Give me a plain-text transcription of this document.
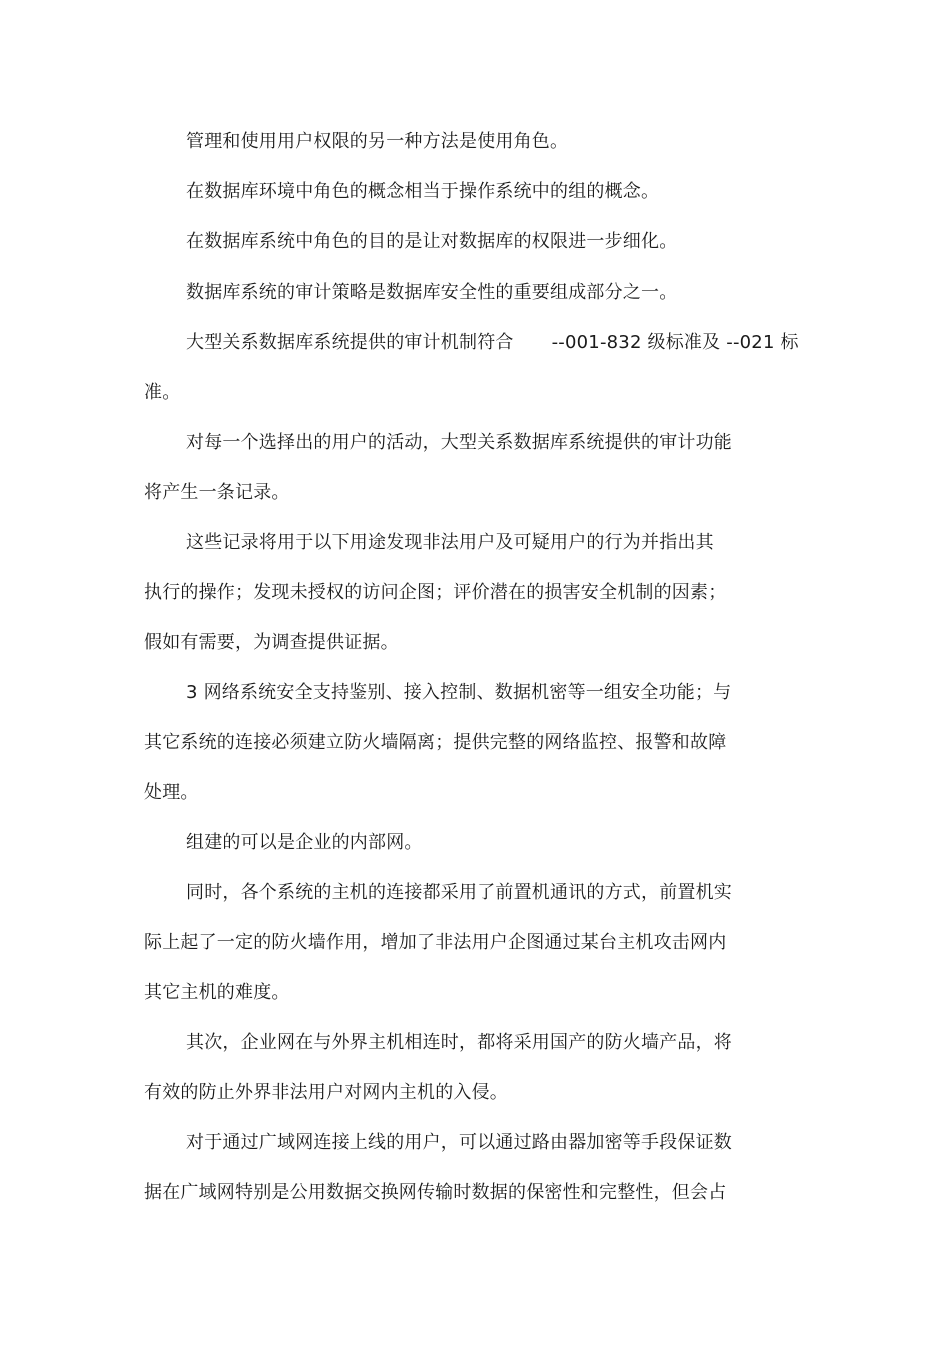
管理和使用用户权限的另一种方法是使用角色。
在数据库环境中角色的概念相当于操作系统中的组的概念。
在数据库系统中角色的目的是让对数据库的权限进一步细化。
数据库系统的审计策略是数据库安全性的重要组成部分之一。
大型关系数据库系统提供的审计机制符合 --001-832 级标准及 --021 标
准。
对每一个选择出的用户的活动，大型关系数据库系统提供的审计功能
将产生一条记录。
这些记录将用于以下用途发现非法用户及可疑用户的行为并指出其
执行的操作；发现未授权的访问企图；评价潜在的损害安全机制的因素；
假如有需要，为调查提供证据。
3 网络系统安全支持鉴别、接入控制、数据机密等一组安全功能；与
其它系统的连接必须建立防火墙隔离；提供完整的网络监控、报警和故障
处理。
组建的可以是企业的内部网。
同时，各个系统的主机的连接都采用了前置机通讯的方式，前置机实
际上起了一定的防火墙作用，增加了非法用户企图通过某台主机攻击网内
其它主机的难度。
其次，企业网在与外界主机相连时，都将采用国产的防火墙产品，将
有效的防止外界非法用户对网内主机的入侵。
对于通过广域网连接上线的用户，可以通过路由器加密等手段保证数
据在广域网特别是公用数据交换网传输时数据的保密性和完整性，但会占
